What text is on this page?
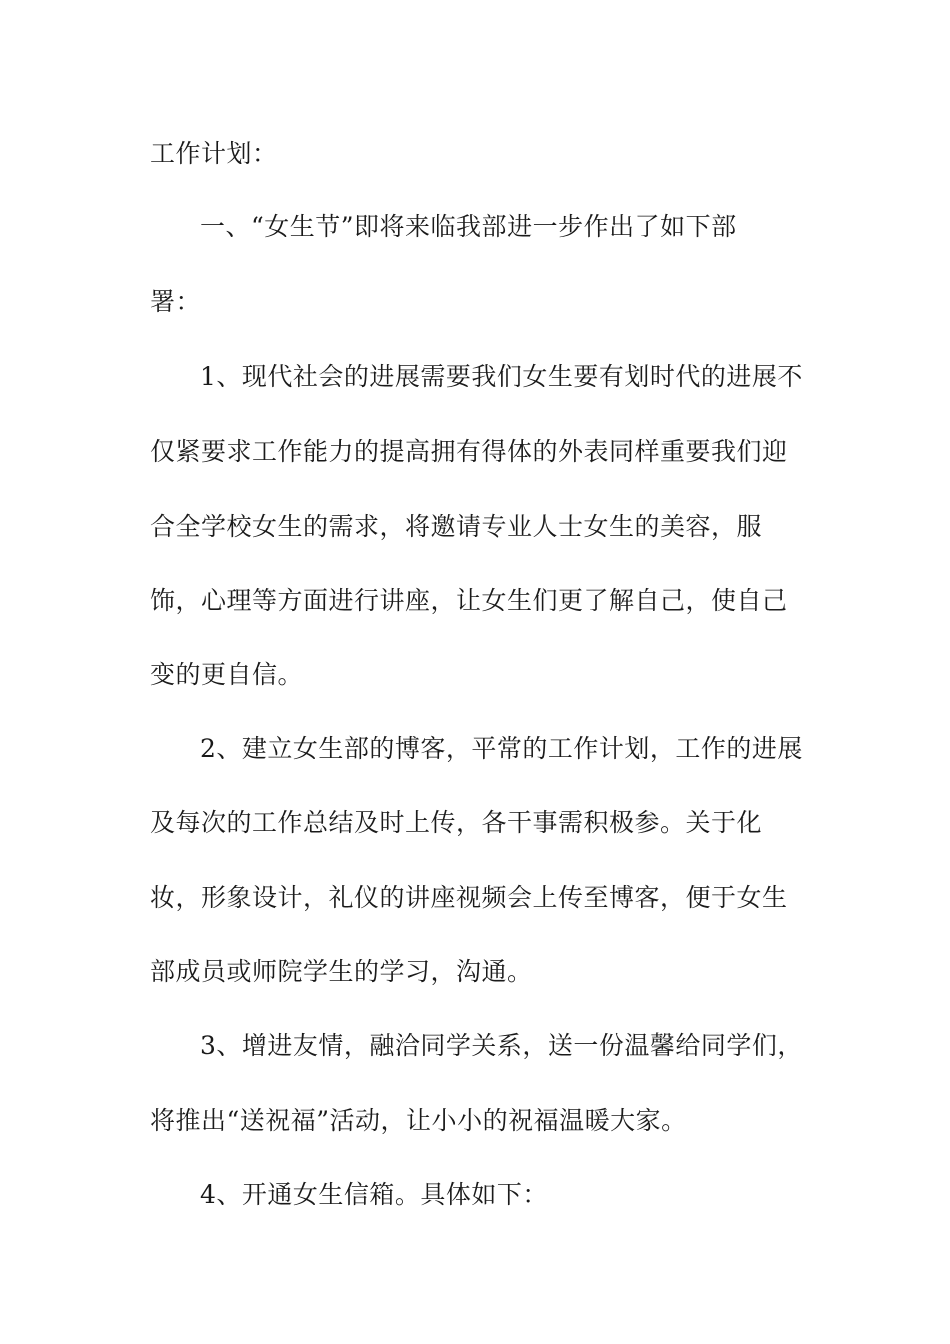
工作计划：
一、“女生节”即将来临我部进一步作出了如下部
署：
1、现代社会的进展需要我们女生要有划时代的进展不
仅紧要求工作能力的提高拥有得体的外表同样重要我们迎
合全学校女生的需求，将邀请专业人士女生的美容，服
饰，心理等方面进行讲座，让女生们更了解自己，使自己
变的更自信。
2、建立女生部的博客，平常的工作计划，工作的进展
及每次的工作总结及时上传，各干事需积极参。关于化
妆，形象设计，礼仪的讲座视频会上传至博客，便于女生
部成员或师院学生的学习，沟通。
3、增进友情，融洽同学关系，送一份温馨给同学们，
将推出“送祝福”活动，让小小的祝福温暖大家。
4、开通女生信箱。具体如下：
